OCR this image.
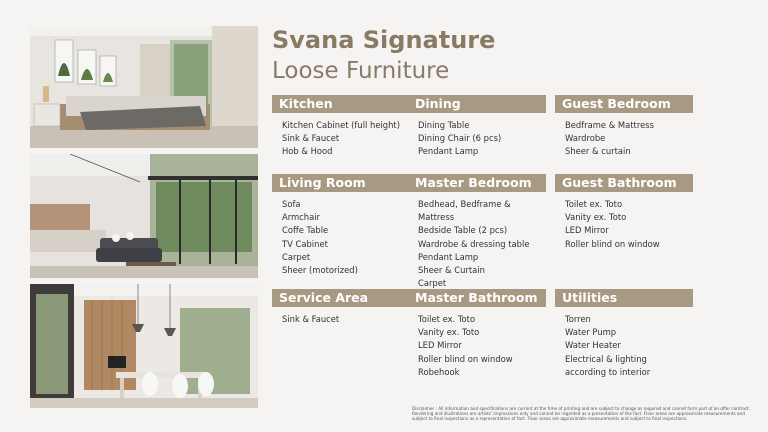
Svana Signature
Loose Furniture
Kitchen
Kitchen Cabinet (full height)
Sink & Faucet
Hob & Hood
Dining
Dining Table
Dining Chair (6 pcs)
Pendant Lamp
Guest Bedroom
Bedframe & Mattress
Wardrobe
Sheer & curtain
Living Room
Sofa
Armchair
Coffe Table
TV Cabinet
Carpet
Sheer (motorized)
Master Bedroom
Bedhead, Bedframe & Mattress
Bedside Table (2 pcs)
Wardrobe & dressing table
Pendant Lamp
Sheer & Curtain
Carpet
Guest Bathroom
Toilet ex. Toto
Vanity ex. Toto
LED Mirror
Roller blind on window
Service Area
Sink & Faucet
Master Bathroom
Toilet ex. Toto
Vanity ex. Toto
LED Mirror
Roller blind on window
Robehook
Utilities
Torren
Water Pump
Water Heater
Electrical & lighting according to interior
Disclaimer : All information and specifications are current at the time of printing and are subject to change as required and cannot form part of an offer contract. Rendering and illustrations are artists' impressions only and cannot be regarded as a presentation of the fact. Floor areas are approximate measurements and subject to final inspections as a representation of fact. Floor areas are approximate measurements and subject to final inspections.
